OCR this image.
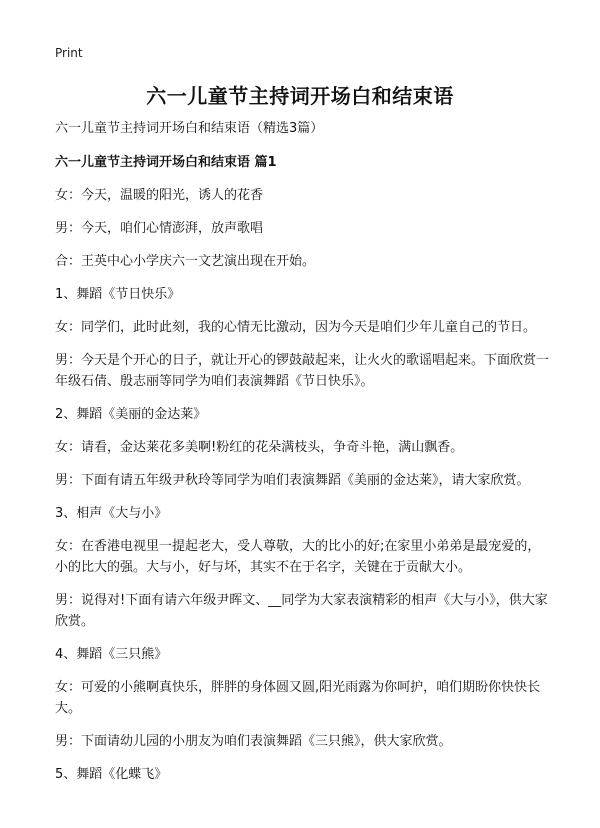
Print
六一儿童节主持词开场白和结束语

六一儿童节主持词开场白和结束语（精选3篇）

六一儿童节主持词开场白和结束语 篇1

女：今天，温暖的阳光，诱人的花香

男：今天，咱们心情澎湃，放声歌唱

合：王英中心小学庆六一文艺演出现在开始。

1、舞蹈《节日快乐》

女：同学们，此时此刻，我的心情无比激动，因为今天是咱们少年儿童自己的节日。

男：今天是个开心的日子，就让开心的锣鼓敲起来，让火火的歌谣唱起来。下面欣赏一年级石倩、殷志丽等同学为咱们表演舞蹈《节日快乐》。

2、舞蹈《美丽的金达莱》

女：请看，金达莱花多美啊!粉红的花朵满枝头，争奇斗艳，满山飘香。

男：下面有请五年级尹秋玲等同学为咱们表演舞蹈《美丽的金达莱》，请大家欣赏。

3、相声《大与小》

女：在香港电视里一提起老大，受人尊敬，大的比小的好;在家里小弟弟是最宠爱的，小的比大的强。大与小，好与坏，其实不在于名字，关键在于贡献大小。

男：说得对!下面有请六年级尹晖文、__同学为大家表演精彩的相声《大与小》，供大家欣赏。

4、舞蹈《三只熊》

女：可爱的小熊啊真快乐，胖胖的身体圆又圆,阳光雨露为你呵护，咱们期盼你快快长大。

男：下面请幼儿园的小朋友为咱们表演舞蹈《三只熊》，供大家欣赏。

5、舞蹈《化蝶飞》
